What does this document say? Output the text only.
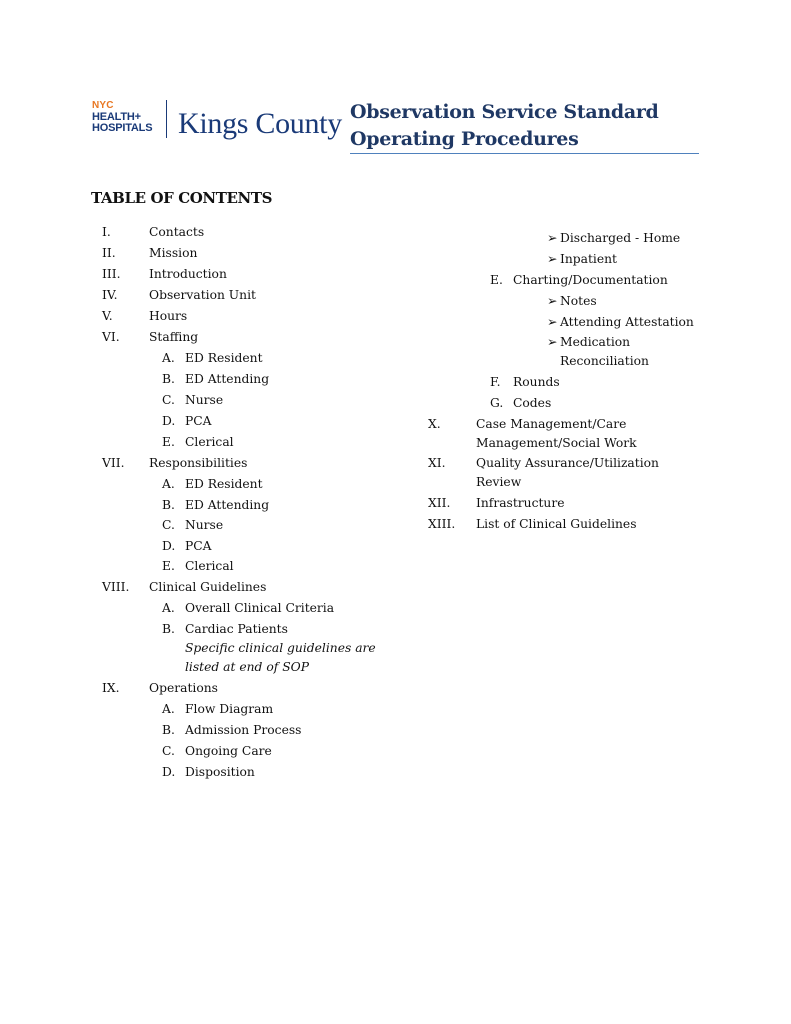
NYC
HEALTH+
HOSPITALS Kings County Observation Service Standard
Operating Procedures
TABLE OF CONTENTS
I.	Contacts
II.	Mission
III. Introduction
IV.	Observation Unit
V.	Hours
VI. Staffing
A. ED Resident
B. ED Attending
C. Nurse
D. PCA
E. Clerical
VII. Responsibilities
A. ED Resident
B. ED Attending
C. Nurse
D. PCA
E. Clerical
VIII. Clinical Guidelines
A. Overall Clinical Criteria
B. Cardiac Patients
Specific clinical guidelines are
listed at end of SOP
IX. Operations
A. Flow Diagram
B. Admission Process
C. Ongoing Care
D. Disposition
➢ Discharged - Home
➢ Inpatient
E. Charting/Documentation
➢ Notes
➢ Attending Attestation
➢ Medication
Reconciliation
F. Rounds
G. Codes
X.	Case Management/Care
Management/Social Work
XI. Quality Assurance/Utilization
Review
XII. Infrastructure
XIII. List of Clinical Guidelines
